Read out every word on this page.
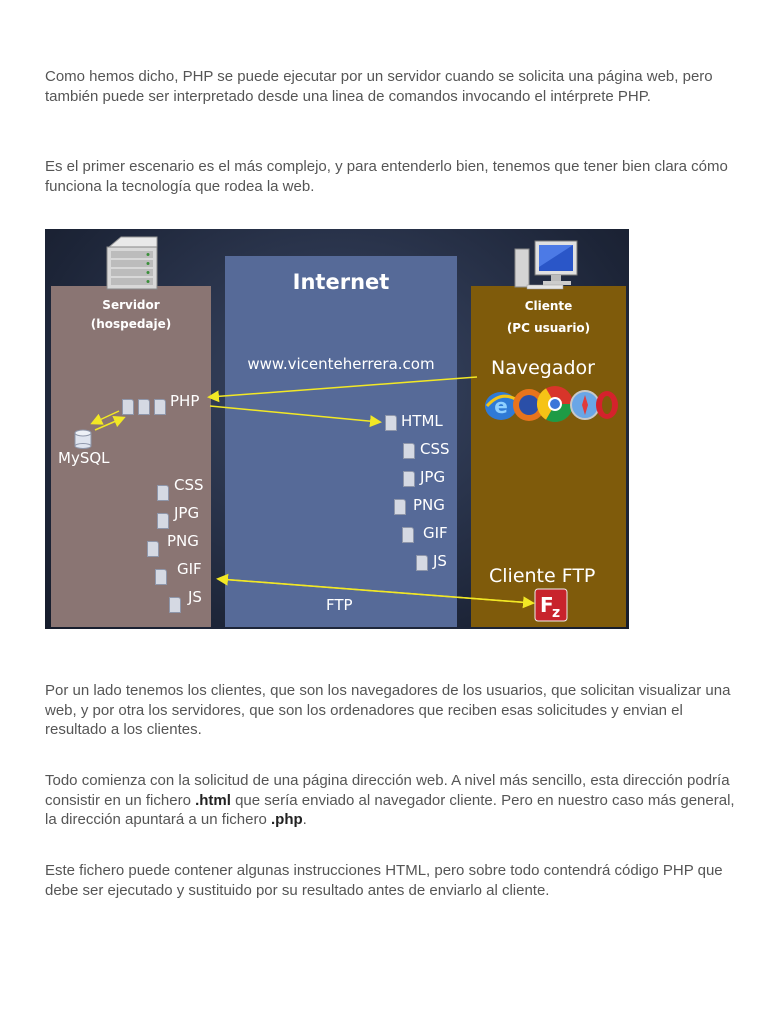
Como hemos dicho, PHP se puede ejecutar por un servidor cuando se solicita una página web, pero también puede ser interpretado desde una linea de comandos invocando el intérprete PHP.

Es el primer escenario es el más complejo, y para entenderlo bien, tenemos que tener bien clara cómo funciona la tecnología que rodea la web.

Servidor
(hospedaje)
PHP
MySQL
CSS
JPG
PNG
GIF
JS
Internet
www.vicenteherrera.com
HTML
CSS
JPG
PNG
GIF
JS
FTP
Cliente
(PC usuario)
Navegador
e
Cliente FTP
F
z

Por un lado tenemos los clientes, que son los navegadores de los usuarios, que solicitan visualizar una web, y por otra los servidores, que son los ordenadores que reciben esas solicitudes y envian el resultado a los clientes.

Todo comienza con la solicitud de una página dirección web. A nivel más sencillo, esta dirección podría consistir en un fichero .html que sería enviado al navegador cliente. Pero en nuestro caso más general, la dirección apuntará a un fichero .php.

Este fichero puede contener algunas instrucciones HTML, pero sobre todo contendrá código PHP que debe ser ejecutado y sustituido por su resultado antes de enviarlo al cliente.
